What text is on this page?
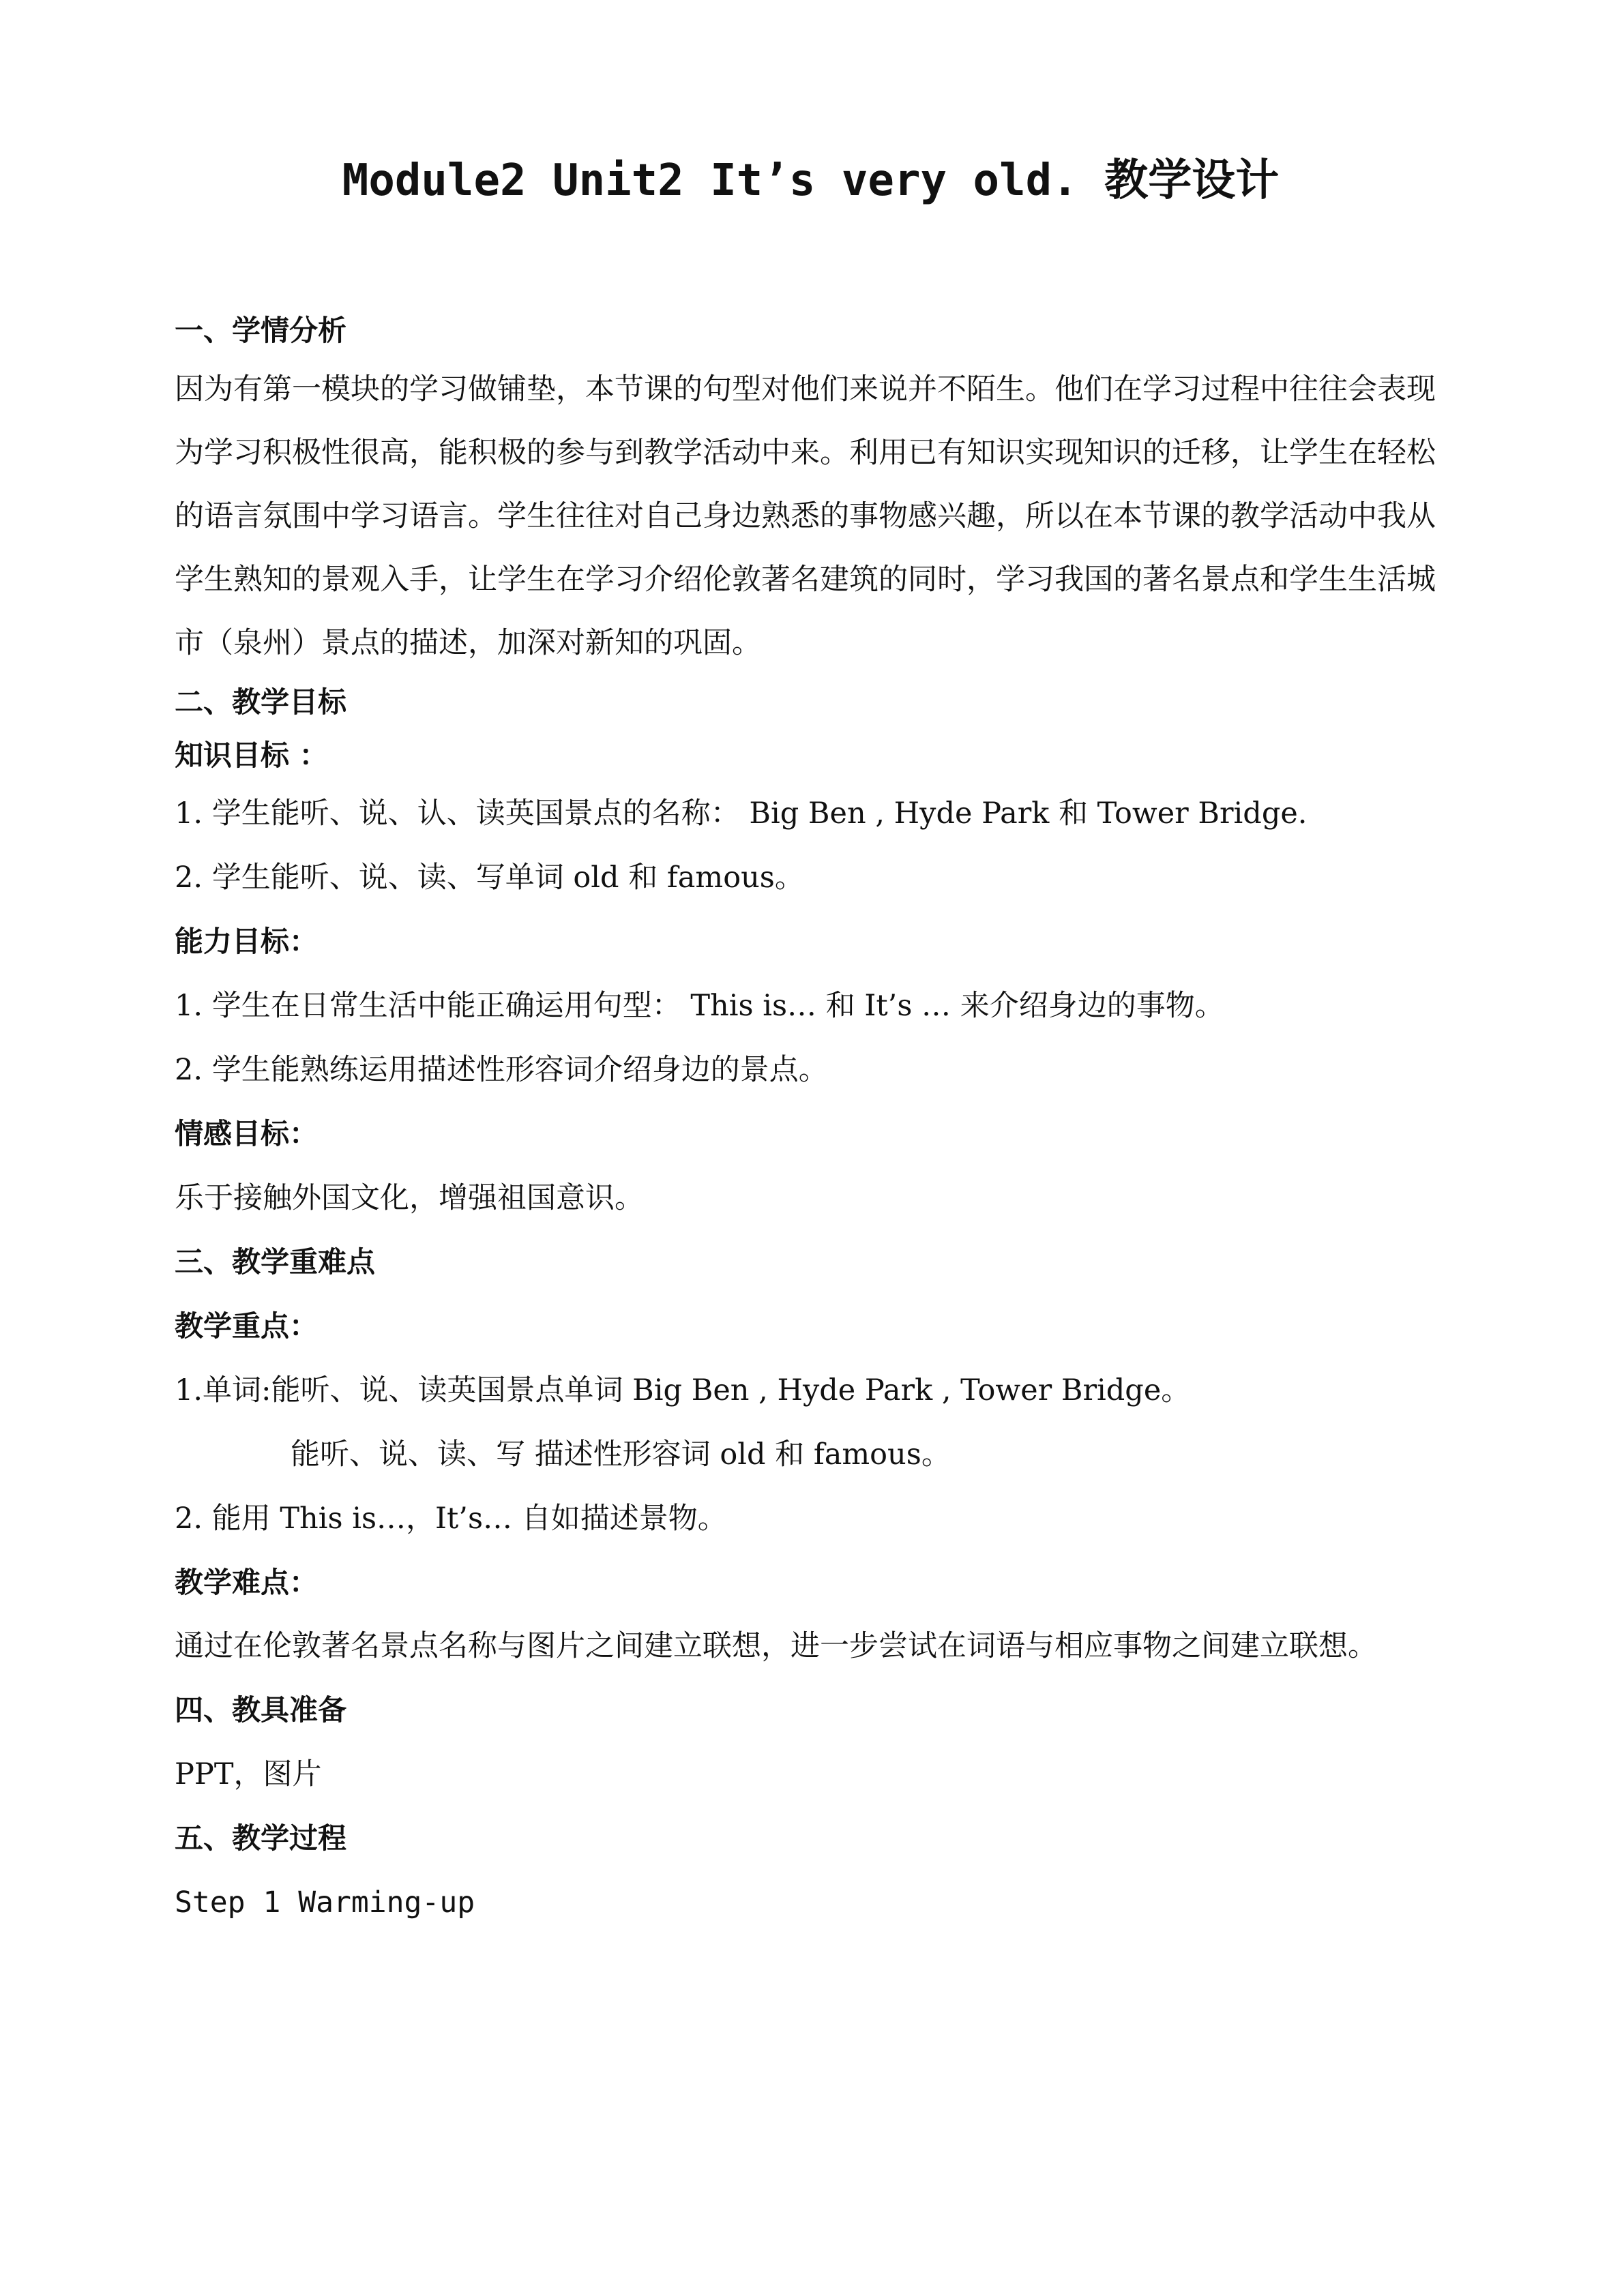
Module2 Unit2 It’s very old. 教学设计

一、学情分析

因为有第一模块的学习做铺垫，本节课的句型对他们来说并不陌生。他们在学习过程中往往会表现为学习积极性很高，能积极的参与到教学活动中来。利用已有知识实现知识的迁移，让学生在轻松的语言氛围中学习语言。学生往往对自己身边熟悉的事物感兴趣，所以在本节课的教学活动中我从学生熟知的景观入手，让学生在学习介绍伦敦著名建筑的同时，学习我国的著名景点和学生生活城市（泉州）景点的描述，加深对新知的巩固。

二、教学目标

知识目标 ：

1. 学生能听、说、认、读英国景点的名称： Big Ben , Hyde Park 和 Tower Bridge.

2. 学生能听、说、读、写单词 old 和 famous。

能力目标：

1. 学生在日常生活中能正确运用句型： This is… 和 It’s … 来介绍身边的事物。

2. 学生能熟练运用描述性形容词介绍身边的景点。

情感目标：

乐于接触外国文化，增强祖国意识。

三、教学重难点

教学重点：

1.单词:能听、说、读英国景点单词 Big Ben , Hyde Park , Tower Bridge。

能听、说、读、写 描述性形容词 old 和 famous。

2. 能用 This is…，It’s… 自如描述景物。

教学难点：

通过在伦敦著名景点名称与图片之间建立联想，进一步尝试在词语与相应事物之间建立联想。

四、教具准备

PPT，图片

五、教学过程

Step 1 Warming-up
